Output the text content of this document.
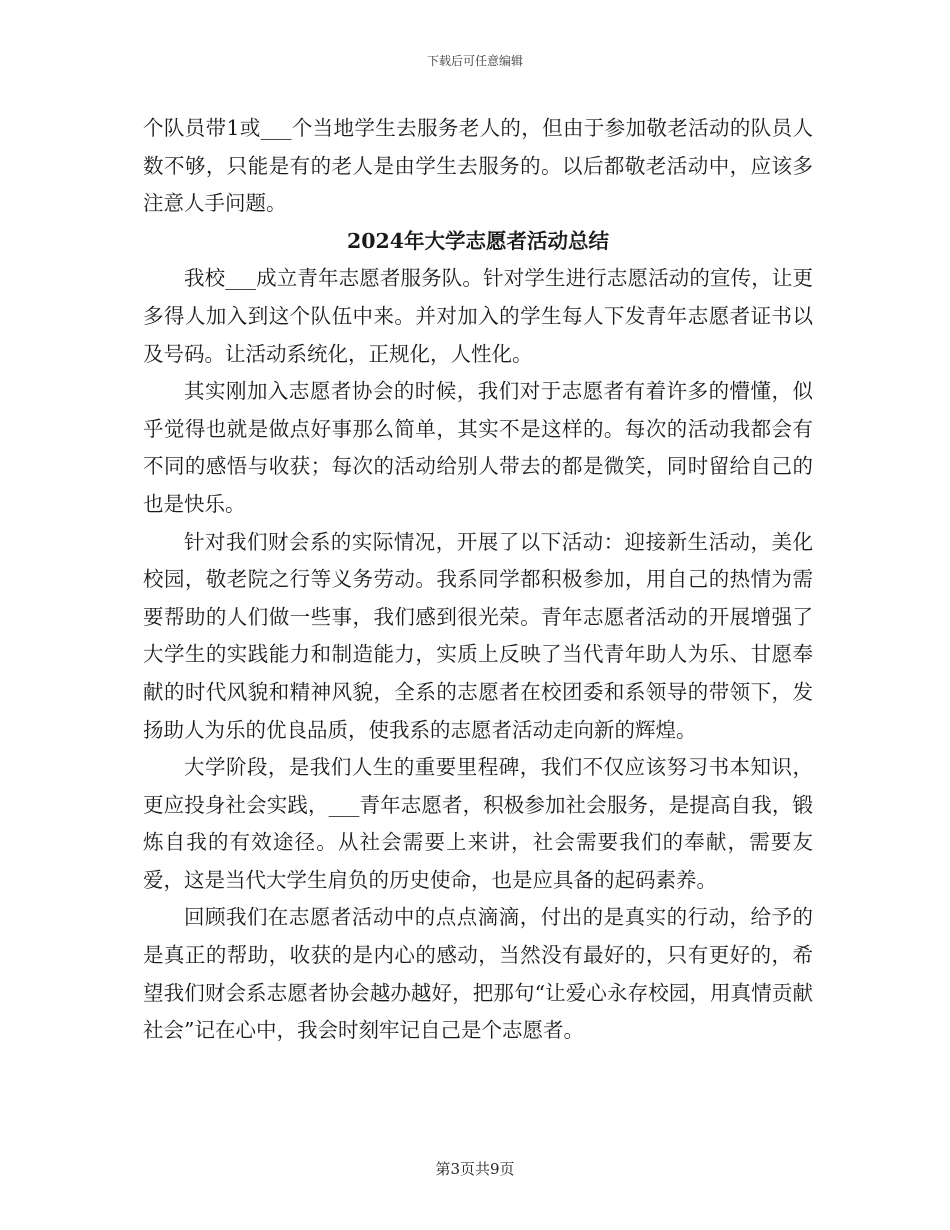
下载后可任意编辑

个队员带1或___个当地学生去服务老人的，但由于参加敬老活动的队员人数不够，只能是有的老人是由学生去服务的。以后都敬老活动中，应该多注意人手问题。

2024年大学志愿者活动总结

我校___成立青年志愿者服务队。针对学生进行志愿活动的宣传，让更多得人加入到这个队伍中来。并对加入的学生每人下发青年志愿者证书以及号码。让活动系统化，正规化，人性化。

其实刚加入志愿者协会的时候，我们对于志愿者有着许多的懵懂，似乎觉得也就是做点好事那么简单，其实不是这样的。每次的活动我都会有不同的感悟与收获；每次的活动给别人带去的都是微笑，同时留给自己的也是快乐。

针对我们财会系的实际情况，开展了以下活动：迎接新生活动，美化校园，敬老院之行等义务劳动。我系同学都积极参加，用自己的热情为需要帮助的人们做一些事，我们感到很光荣。青年志愿者活动的开展增强了大学生的实践能力和制造能力，实质上反映了当代青年助人为乐、甘愿奉献的时代风貌和精神风貌，全系的志愿者在校团委和系领导的带领下，发扬助人为乐的优良品质，使我系的志愿者活动走向新的辉煌。

大学阶段，是我们人生的重要里程碑，我们不仅应该努习书本知识，更应投身社会实践，___青年志愿者，积极参加社会服务，是提高自我，锻炼自我的有效途径。从社会需要上来讲，社会需要我们的奉献，需要友爱，这是当代大学生肩负的历史使命，也是应具备的起码素养。

回顾我们在志愿者活动中的点点滴滴，付出的是真实的行动，给予的是真正的帮助，收获的是内心的感动，当然没有最好的，只有更好的，希望我们财会系志愿者协会越办越好，把那句“让爱心永存校园，用真情贡献社会”记在心中，我会时刻牢记自己是个志愿者。

第3页共9页
